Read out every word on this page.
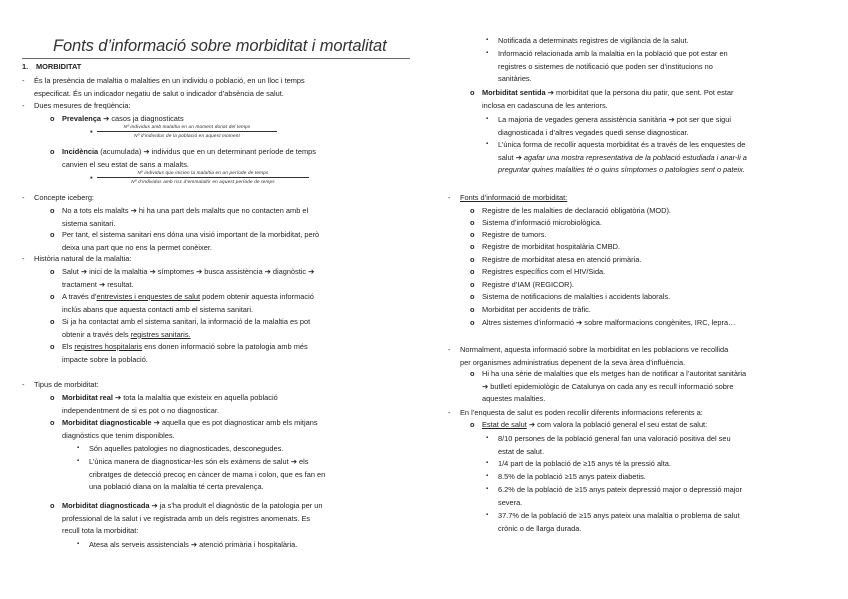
Fonts d’informació sobre morbiditat i mortalitat
1. MORBIDITAT
- És la presència de malaltia o malalties en un individu o població, en un lloc i temps
especificat. És un indicador negatiu de salut o indicador d’absència de salut.
- Dues mesures de freqüència:
o Prevalença ➔ casos ja diagnosticats
o Incidència (acumulada) ➔ individus que en un determinant període de temps
canvien el seu estat de sans a malalts.
- Concepte iceberg:
o No a tots els malalts ➔ hi ha una part dels malalts que no contacten amb el
sistema sanitari.
o Per tant, el sistema sanitari ens dóna una visió important de la morbiditat, però
deixa una part que no ens la permet conèixer.
- Història natural de la malaltia:
o Salut ➔ inici de la malaltia ➔ símptomes ➔ busca assistència ➔ diagnòstic ➔
tractament ➔ resultat.
o A través d’entrevistes i enquestes de salut podem obtenir aquesta informació
inclús abans que aquesta contacti amb el sistema sanitari.
o Si ja ha contactat amb el sistema sanitari, la informació de la malaltia es pot
obtenir a través dels registres sanitaris.
o Els registres hospitalaris ens donen informació sobre la patologia amb més
impacte sobre la població.
- Tipus de morbiditat:
o Morbiditat real ➔ tota la malaltia que existeix en aquella població
independentment de si es pot o no diagnosticar.
o Morbiditat diagnosticable ➔ aquella que es pot diagnosticar amb els mitjans
diagnòstics que tenim disponibles.
▪ Són aquelles patologies no diagnosticades, desconegudes.
▪ L’única manera de diagnosticar-les són els exàmens de salut ➔ els
cribratges de detecció precoç en càncer de mama i colon, que es fan en
una població diana on la malaltia té certa prevalença.
o Morbiditat diagnosticada ➔ ja s’ha produït el diagnòstic de la patologia per un
professional de la salut i ve registrada amb un dels registres anomenats. Es
recull tota la morbiditat:
▪ Atesa als serveis assistencials ➔ atenció primària i hospitalària.
▪ Notificada a determinats registres de vigilància de la salut.
▪ Informació relacionada amb la malaltia en la població que pot estar en
registres o sistemes de notificació que poden ser d’institucions no
sanitàries.
o Morbiditat sentida ➔ morbiditat que la persona diu patir, que sent. Pot estar
inclosa en cadascuna de les anteriors.
▪ La majoria de vegades genera assistència sanitària ➔ pot ser que sigui
diagnosticada i d’altres vegades quedi sense diagnosticar.
▪ L’única forma de recollir aquesta morbiditat és a través de les enquestes de
salut ➔ agafar una mostra representativa de la població estudiada i anar-li a
preguntar quines malalties té o quins símptomes o patologies sent o pateix.
- Fonts d’informació de morbiditat:
o Registre de les malalties de declaració obligatòria (MOD).
o Sistema d’informació microbiològica.
o Registre de tumors.
o Registre de morbiditat hospitalària CMBD.
o Registre de morbiditat atesa en atenció primària.
o Registres específics com el HIV/Sida.
o Registre d’IAM (REGICOR).
o Sistema de notificacions de malalties i accidents laborals.
o Morbiditat per accidents de tràfic.
o Altres sistemes d’informació ➔ sobre malformacions congènites, IRC, lepra…
- Normalment, aquesta informació sobre la morbiditat en les poblacions ve recollida
per organismes administratius depenent de la seva àrea d’influència.
o Hi ha una sèrie de malalties que els metges han de notificar a l’autoritat sanitària
➔ butlletí epidemiològic de Catalunya on cada any es recull informació sobre
aquestes malalties.
- En l’enquesta de salut es poden recollir diferents informacions referents a:
o Estat de salut ➔ com valora la població general el seu estat de salut:
▪ 8/10 persones de la població general fan una valoració positiva del seu
estat de salut.
▪ 1/4 part de la població de ≥15 anys té la pressió alta.
▪ 8.5% de la població ≥15 anys pateix diabetis.
▪ 6.2% de la població de ≥15 anys pateix depressió major o depressió major
severa.
▪ 37.7% de la població de ≥15 anys pateix una malaltia o problema de salut
crònic o de llarga durada.
▪
Nº individus amb malaltia en un moment donat del temps
Nº d’individus de la població en aquest moment
▪
Nº individus que inicien la malaltia en un període de temps
Nº d’individus amb risc d’emmalaltir en aquest període de temps
